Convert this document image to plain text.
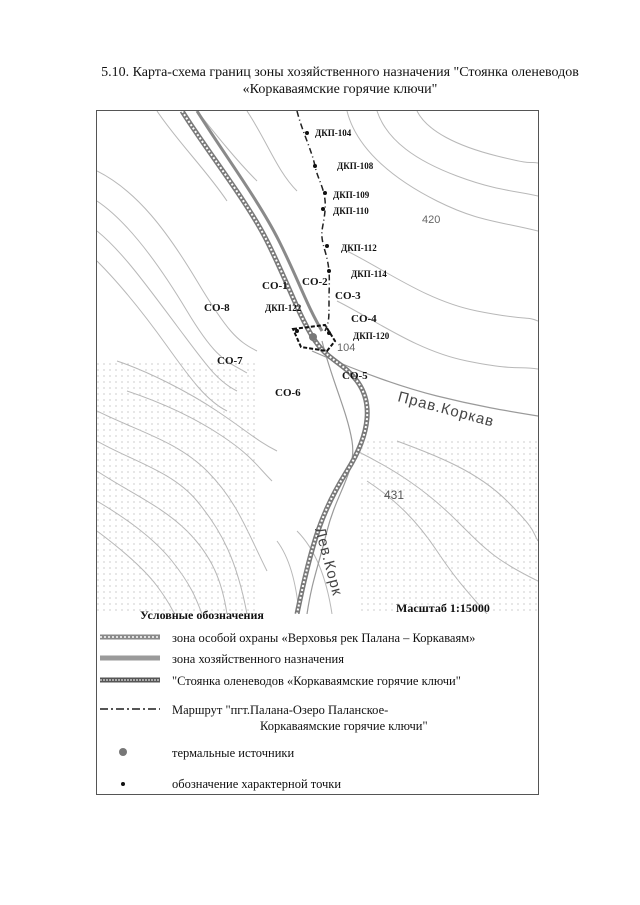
5.10. Карта-схема границ зоны хозяйственного назначения "Стоянка оленеводов
«Коркаваямские горячие ключи"
ДКП-104
ДКП-108
ДКП-109
ДКП-110
ДКП-112
ДКП-114
ДКП-122
ДКП-120
СО-1 СО-2
СО-3
СО-4
СО-5
СО-6
СО-7
СО-8
420
431
104
Прав.Коркав
Лев.Корк
Масштаб 1:15000
Условные обозначения
зона особой охраны «Верховья рек Палана – Коркаваям»
зона хозяйственного назначения
"Стоянка оленеводов «Коркаваямские горячие ключи"
Маршрут "пгт.Палана-Озеро Паланское-
Коркаваямские горячие ключи"
термальные источники
обозначение характерной точки
